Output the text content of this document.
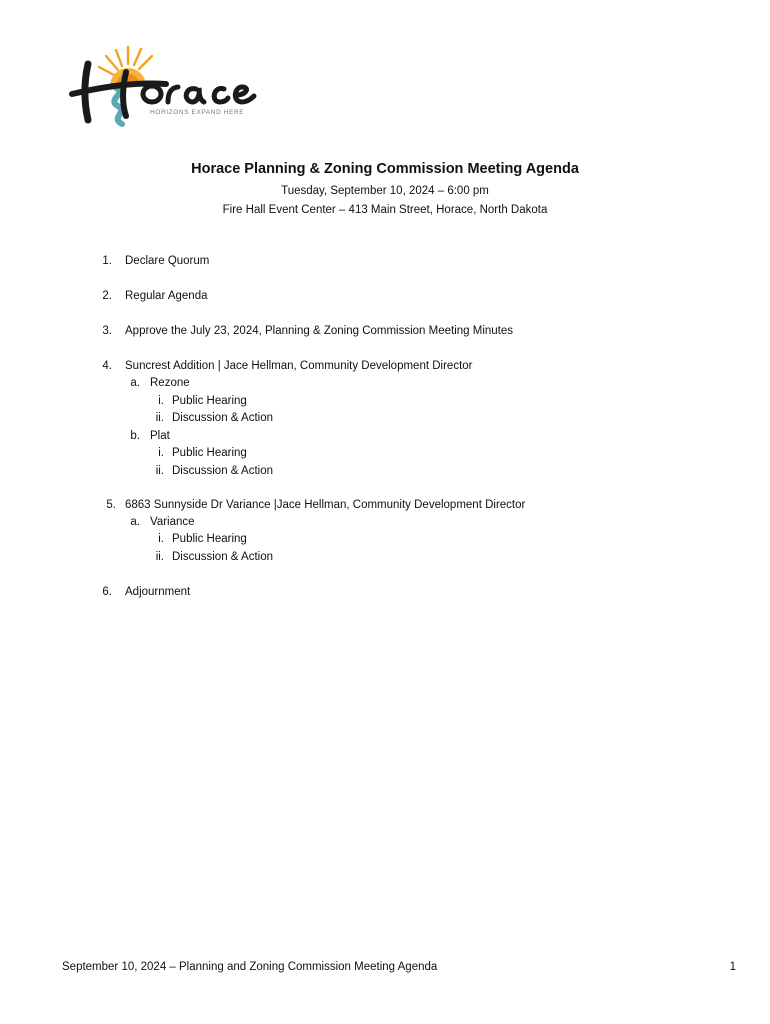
HORIZONS EXPAND HERE
Horace Planning & Zoning Commission Meeting Agenda
Tuesday, September 10, 2024 – 6:00 pm
Fire Hall Event Center – 413 Main Street, Horace, North Dakota
1. Declare Quorum
2. Regular Agenda
3. Approve the July 23, 2024, Planning & Zoning Commission Meeting Minutes
4. Suncrest Addition | Jace Hellman, Community Development Director
a. Rezone
i. Public Hearing
ii. Discussion & Action
b. Plat
i. Public Hearing
ii. Discussion & Action
5. 6863 Sunnyside Dr Variance |Jace Hellman, Community Development Director
a. Variance
i. Public Hearing
ii. Discussion & Action
6. Adjournment
September 10, 2024 – Planning and Zoning Commission Meeting Agenda	1
